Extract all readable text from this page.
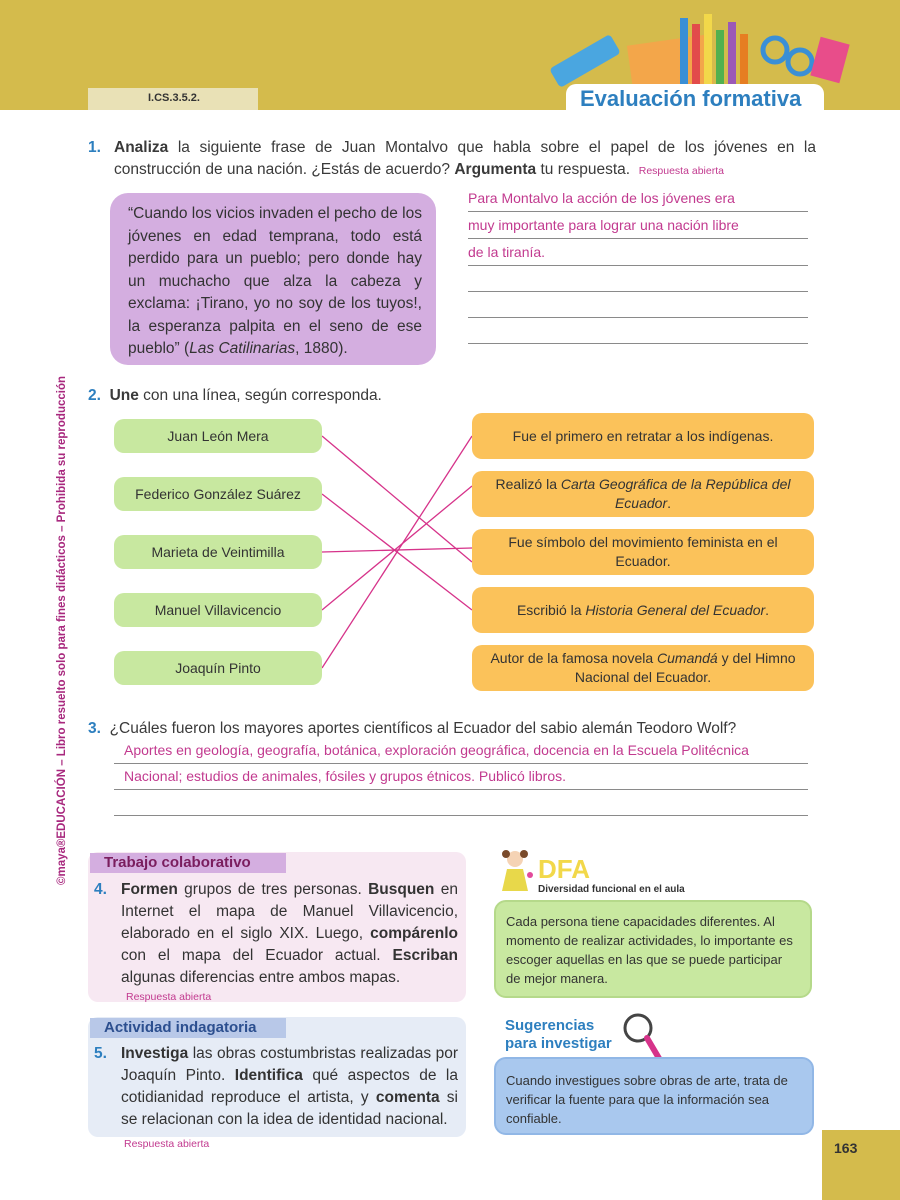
I.CS.3.5.2.	Evaluación formativa
©maya®EDUCACIÓN – Libro resuelto solo para fines didácticos – Prohibida su reproducción
1. Analiza la siguiente frase de Juan Montalvo que habla sobre el papel de los jóvenes en la construcción de una nación. ¿Estás de acuerdo? Argumenta tu respuesta. Respuesta abierta
“Cuando los vicios invaden el pecho de los jóvenes en edad temprana, todo está perdido para un pueblo; pero donde hay un muchacho que alza la cabeza y exclama: ¡Tirano, yo no soy de los tuyos!, la esperanza palpita en el seno de ese pueblo” (Las Catilinarias, 1880).
Para Montalvo la acción de los jóvenes era
muy importante para lograr una nación libre
de la tiranía.
2. Une con una línea, según corresponda.
Juan León Mera
Federico González Suárez
Marieta de Veintimilla
Manuel Villavicencio
Joaquín Pinto
Fue el primero en retratar a los indígenas.
Realizó la Carta Geográfica de la República del Ecuador.
Fue símbolo del movimiento feminista en el Ecuador.
Escribió la Historia General del Ecuador.
Autor de la famosa novela Cumandá y del Himno Nacional del Ecuador.
3. ¿Cuáles fueron los mayores aportes científicos al Ecuador del sabio alemán Teodoro Wolf?
Aportes en geología, geografía, botánica, exploración geográfica, docencia en la Escuela Politécnica
Nacional; estudios de animales, fósiles y grupos étnicos. Publicó libros.
Trabajo colaborativo
4. Formen grupos de tres personas. Busquen en Internet el mapa de Manuel Villavicencio, elaborado en el siglo XIX. Luego, compárenlo con el mapa del Ecuador actual. Escriban algunas diferencias entre ambos mapas.
Respuesta abierta
Actividad indagatoria
5. Investiga las obras costumbristas realizadas por Joaquín Pinto. Identifica qué aspectos de la cotidianidad reproduce el artista, y comenta si se relacionan con la idea de identidad nacional.
Respuesta abierta
DFA
Diversidad funcional en el aula
Cada persona tiene capacidades diferentes. Al momento de realizar actividades, lo importante es escoger aquellas en las que se puede participar de mejor manera.
Sugerencias
para investigar
Cuando investigues sobre obras de arte, trata de verificar la fuente para que la información sea confiable.
163
